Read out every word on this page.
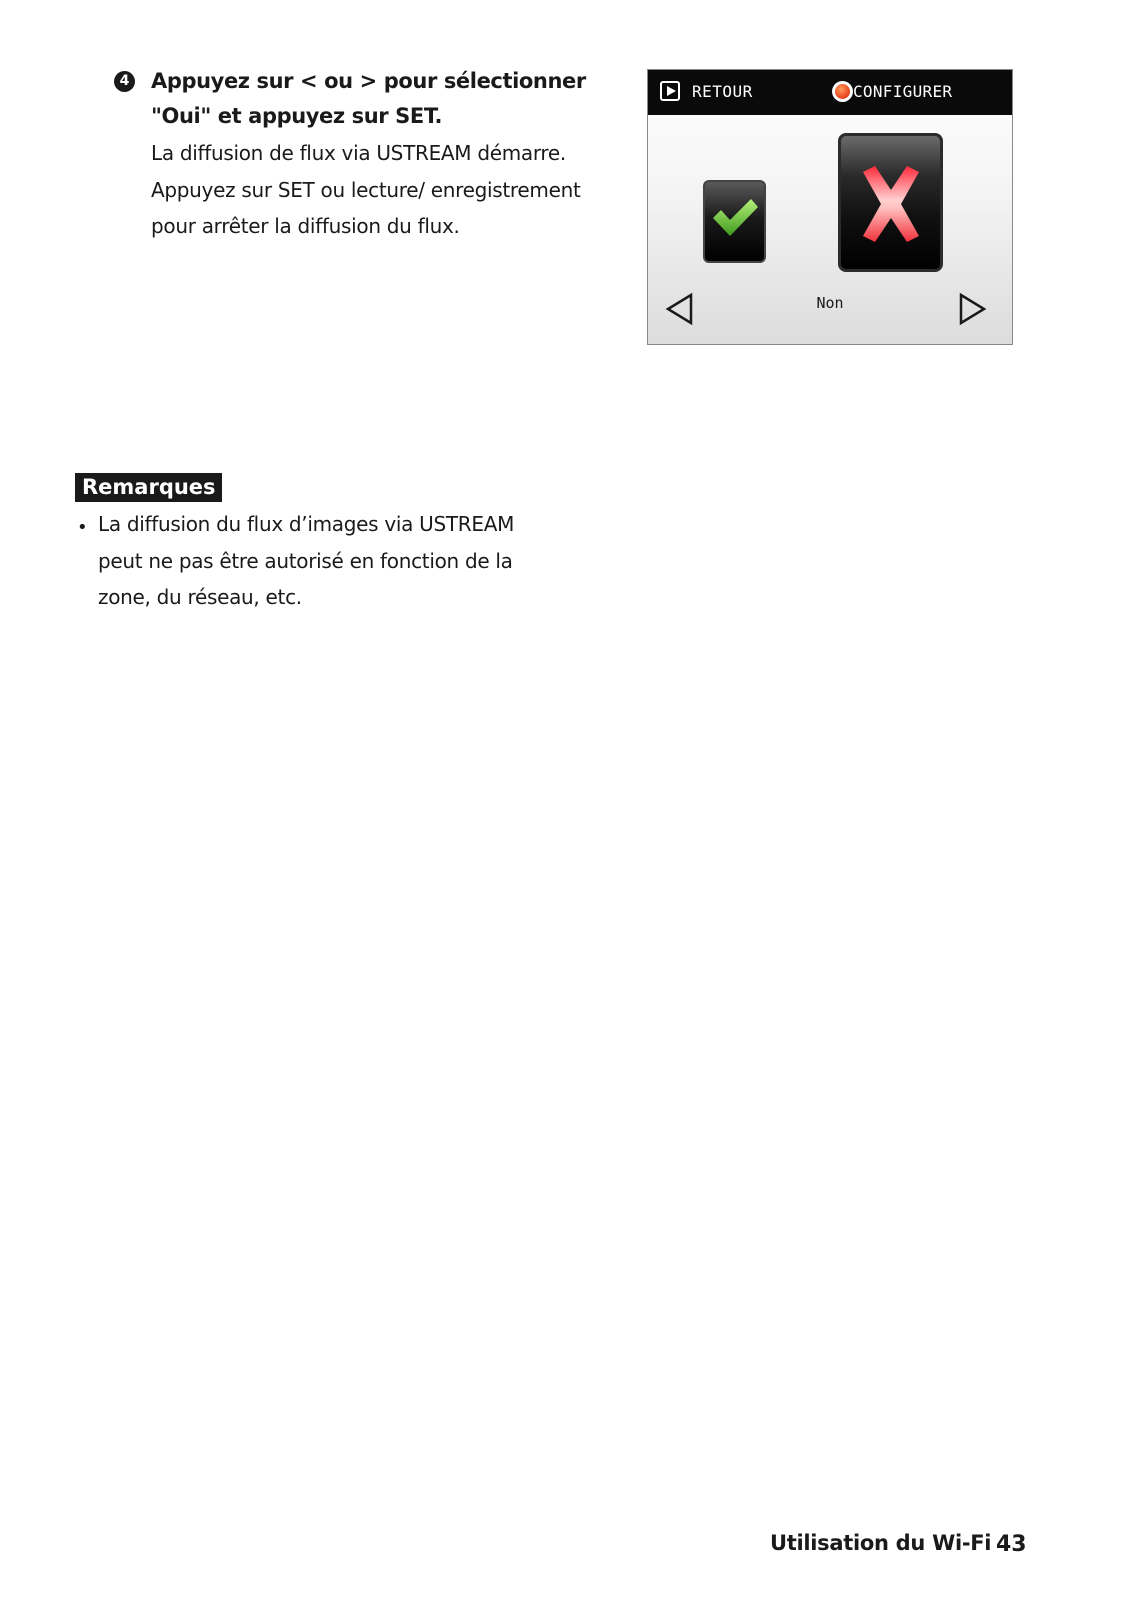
4 Appuyez sur < ou > pour sélectionner "Oui" et appuyez sur SET.

La diffusion de flux via USTREAM démarre.

Appuyez sur SET ou lecture/ enregistrement pour arrêter la diffusion du flux.

RETOUR	CONFIGURER
Non
Remarques
• La diffusion du flux d’images via USTREAM peut ne pas être autorisé en fonction de la zone, du réseau, etc.
Utilisation du Wi-Fi 43
